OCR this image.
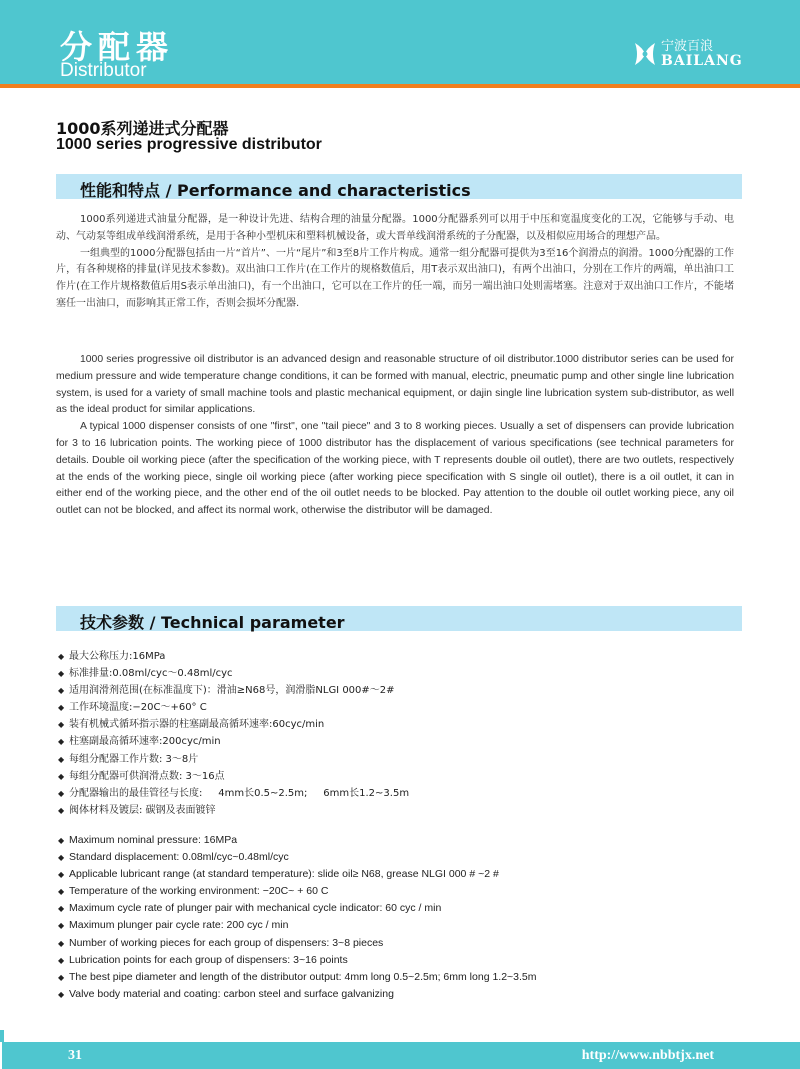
分配器
Distributor
宁波百浪
BAILANG
1000系列递进式分配器
1000 series progressive distributor
性能和特点 / Performance and characteristics

1000系列递进式油量分配器，是一种设计先进、结构合理的油量分配器。1000分配器系列可以用于中压和宽温度变化的工况，它能够与手动、电动、气动泵等组成单线润滑系统，是用于各种小型机床和塑料机械设备，或大晋单线润滑系统的子分配器，以及相似应用场合的理想产品。

一组典型的1000分配器包括由一片“首片”、一片“尾片”和3至8片工作片构成。通常一组分配器可提供为3至16个润滑点的润滑。1000分配器的工作片，有各种规格的排量(详见技术参数)。双出油口工作片(在工作片的规格数值后，用T表示双出油口)，有两个出油口，分别在工作片的两端，单出油口工作片(在工作片规格数值后用S表示单出油口)，有一个出油口，它可以在工作片的任一端，而另一端出油口处则需堵塞。注意对于双出油口工作片，不能堵塞任一出油口，而影响其正常工作，否则会损坏分配器.

1000 series progressive oil distributor is an advanced design and reasonable structure of oil distributor.1000 distributor series can be used for medium pressure and wide temperature change conditions, it can be formed with manual, electric, pneumatic pump and other single line lubrication system, is used for a variety of small machine tools and plastic mechanical equipment, or dajin single line lubrication system sub-distributor, as well as the ideal product for similar applications.

A typical 1000 dispenser consists of one "first", one "tail piece" and 3 to 8 working pieces. Usually a set of dispensers can provide lubrication for 3 to 16 lubrication points. The working piece of 1000 distributor has the displacement of various specifications (see technical parameters for details. Double oil working piece (after the specification of the working piece, with T represents double oil outlet), there are two outlets, respectively at the ends of the working piece, single oil working piece (after working piece specification with S single oil outlet), there is a oil outlet, it can in either end of the working piece, and the other end of the oil outlet needs to be blocked. Pay attention to the double oil outlet working piece, any oil outlet can not be blocked, and affect its normal work, otherwise the distributor will be damaged.

技术参数 / Technical parameter
◆ 最大公称压力:16MPa
◆ 标准排量:0.08ml/cyc～0.48ml/cyc
◆ 适用润滑剂范围(在标准温度下)：滑油≥N68号，润滑脂NLGI 000#～2#
◆ 工作环境温度:−20C～+60° C
◆ 装有机械式循环指示器的柱塞副最高循环速率:60cyc/min
◆ 柱塞副最高循环速率:200cyc/min
◆ 每组分配器工作片数: 3～8片
◆ 每组分配器可供润滑点数: 3～16点
◆ 分配器输出的最佳管径与长度:     4mm长0.5~2.5m;     6mm长1.2~3.5m
◆ 阀体材料及镀层: 碳钢及表面镀锌
◆ Maximum nominal pressure: 16MPa
◆ Standard displacement: 0.08ml/cyc~0.48ml/cyc
◆ Applicable lubricant range (at standard temperature): slide oil≥ N68, grease NLGI 000 # ~2 #
◆ Temperature of the working environment: −20C~ + 60 C
◆ Maximum cycle rate of plunger pair with mechanical cycle indicator: 60 cyc / min
◆ Maximum plunger pair cycle rate: 200 cyc / min
◆ Number of working pieces for each group of dispensers: 3~8 pieces
◆ Lubrication points for each group of dispensers: 3~16 points
◆ The best pipe diameter and length of the distributor output: 4mm long 0.5~2.5m; 6mm long 1.2~3.5m
◆ Valve body material and coating: carbon steel and surface galvanizing
31	http://www.nbbtjx.net
